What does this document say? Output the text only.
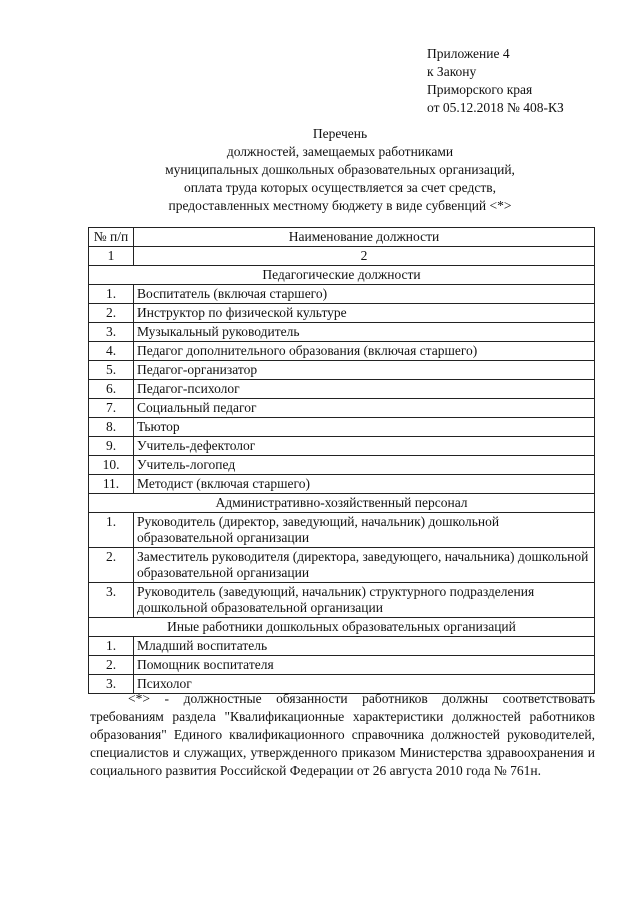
Приложение 4
к Закону
Приморского края
от 05.12.2018 № 408-КЗ
Перечень
должностей, замещаемых работниками
муниципальных дошкольных образовательных организаций,
оплата труда которых осуществляется за счет средств,
предоставленных местному бюджету в виде субвенций <*>
№ п/п	Наименование должности
1	2
Педагогические должности	
1.	Воспитатель (включая старшего)
2.	Инструктор по физической культуре
3.	Музыкальный руководитель
4.	Педагог дополнительного образования (включая старшего)
5.	Педагог-организатор
6.	Педагог-психолог
7.	Социальный педагог
8.	Тьютор
9.	Учитель-дефектолог
10.	Учитель-логопед
11.	Методист (включая старшего)
Административно-хозяйственный персонал	
1.	Руководитель (директор, заведующий, начальник) дошкольной образовательной организации
2.	Заместитель руководителя (директора, заведующего, начальника) дошкольной образовательной организации
3.	Руководитель (заведующий, начальник) структурного подразделения дошкольной образовательной организации
Иные работники дошкольных образовательных организаций	
1.	Младший воспитатель
2.	Помощник воспитателя
3.	Психолог
<*> - должностные обязанности работников должны соответствовать требованиям раздела "Квалификационные характеристики должностей работников образования" Единого квалификационного справочника должностей руководителей, специалистов и служащих, утвержденного приказом Министерства здравоохранения и социального развития Российской Федерации от 26 августа 2010 года № 761н.
